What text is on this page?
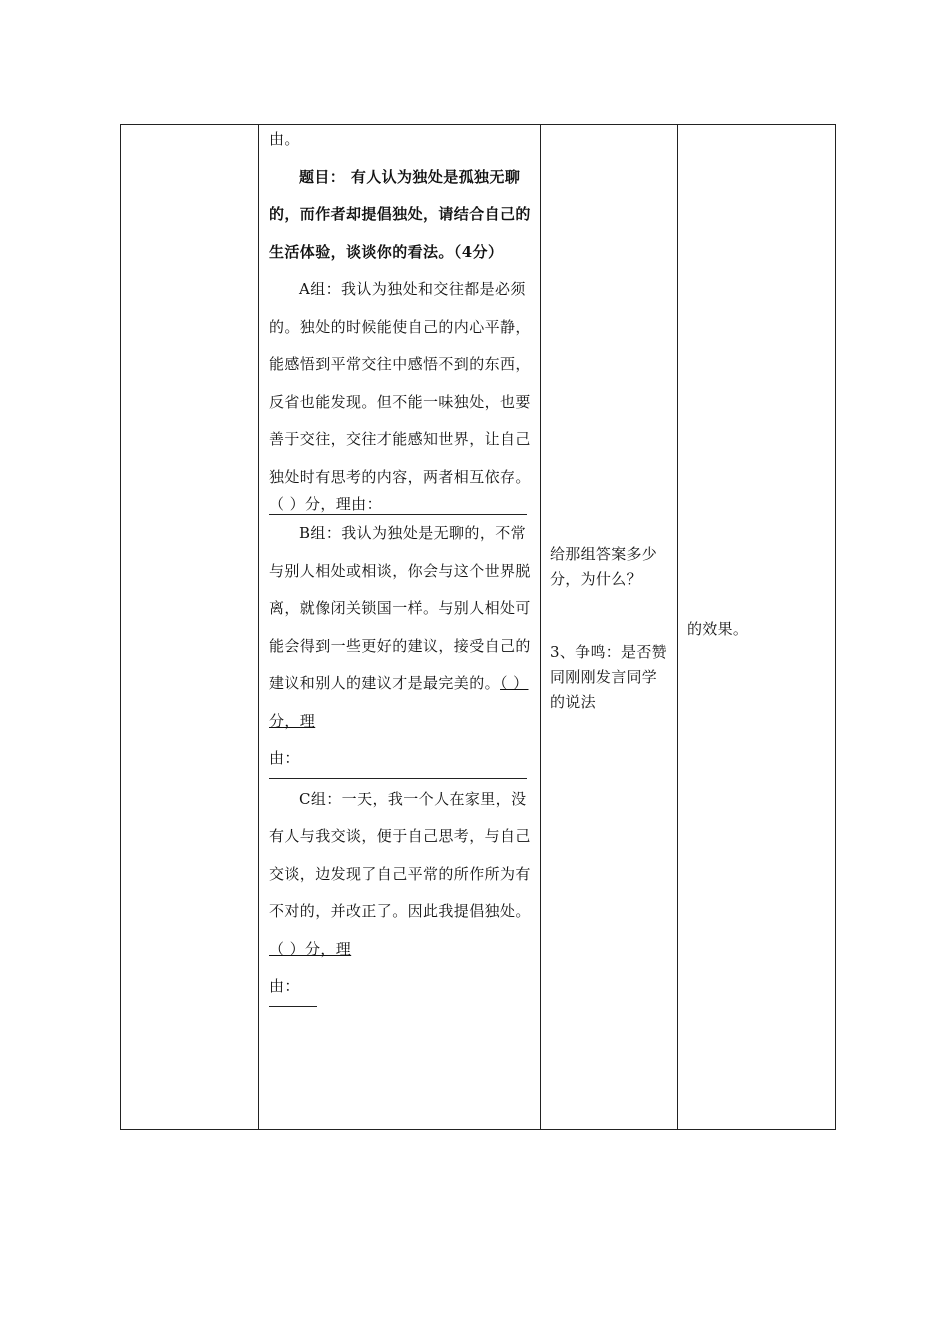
由。

题目： 有人认为独处是孤独无聊的，而作者却提倡独处，请结合自己的生活体验，谈谈你的看法。（4分）

A组：我认为独处和交往都是必须的。独处的时候能使自己的内心平静，能感悟到平常交往中感悟不到的东西，反省也能发现。但不能一味独处，也要善于交往，交往才能感知世界，让自己独处时有思考的内容，两者相互依存。

（ ）分，理由：

B组：我认为独处是无聊的，不常与别人相处或相谈，你会与这个世界脱离，就像闭关锁国一样。与别人相处可能会得到一些更好的建议，接受自己的建议和别人的建议才是最完美的。（ ）分，理
由：

C组：一天，我一个人在家里，没有人与我交谈，便于自己思考，与自己交谈，边发现了自己平常的所作所为有不对的，并改正了。因此我提倡独处。（ ）分，理
由：

给那组答案多少分，为什么？

3、争鸣：是否赞同刚刚发言同学的说法

的效果。
